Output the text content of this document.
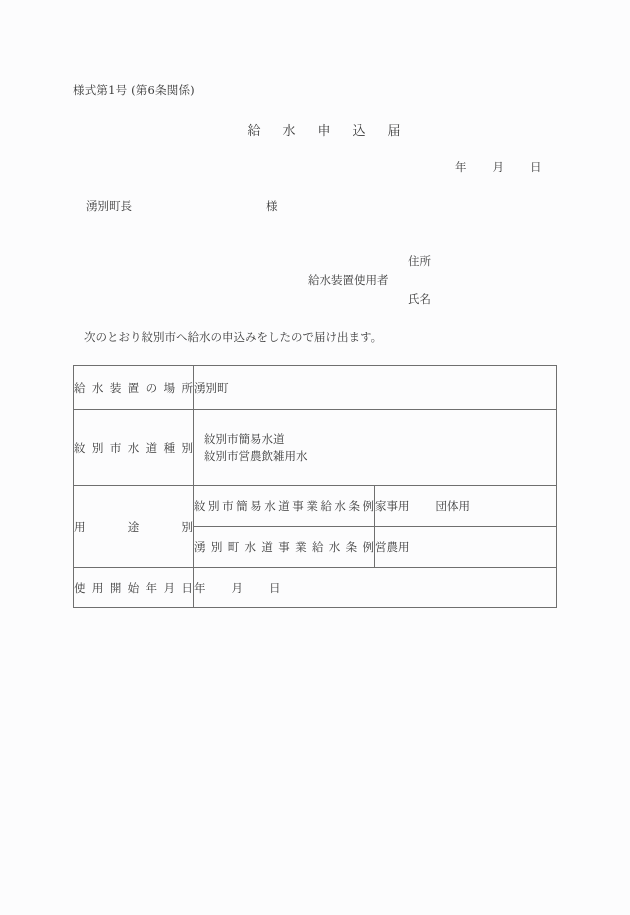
様式第1号 (第6条関係)
給 水 申 込 届
年 月 日
湧別町長	様
住所
給水装置使用者
氏名
次のとおり紋別市へ給水の申込みをしたので届け出ます。
給水装置の場所	湧別町	
紋別市水道種別	紋別市簡易水道
紋別市営農飲雑用水	

用途別	紋別市簡易水道事業給水条例	家事用 団体用
	湧別町水道事業給水条例	営農用
使用開始年月日	年 月 日	
